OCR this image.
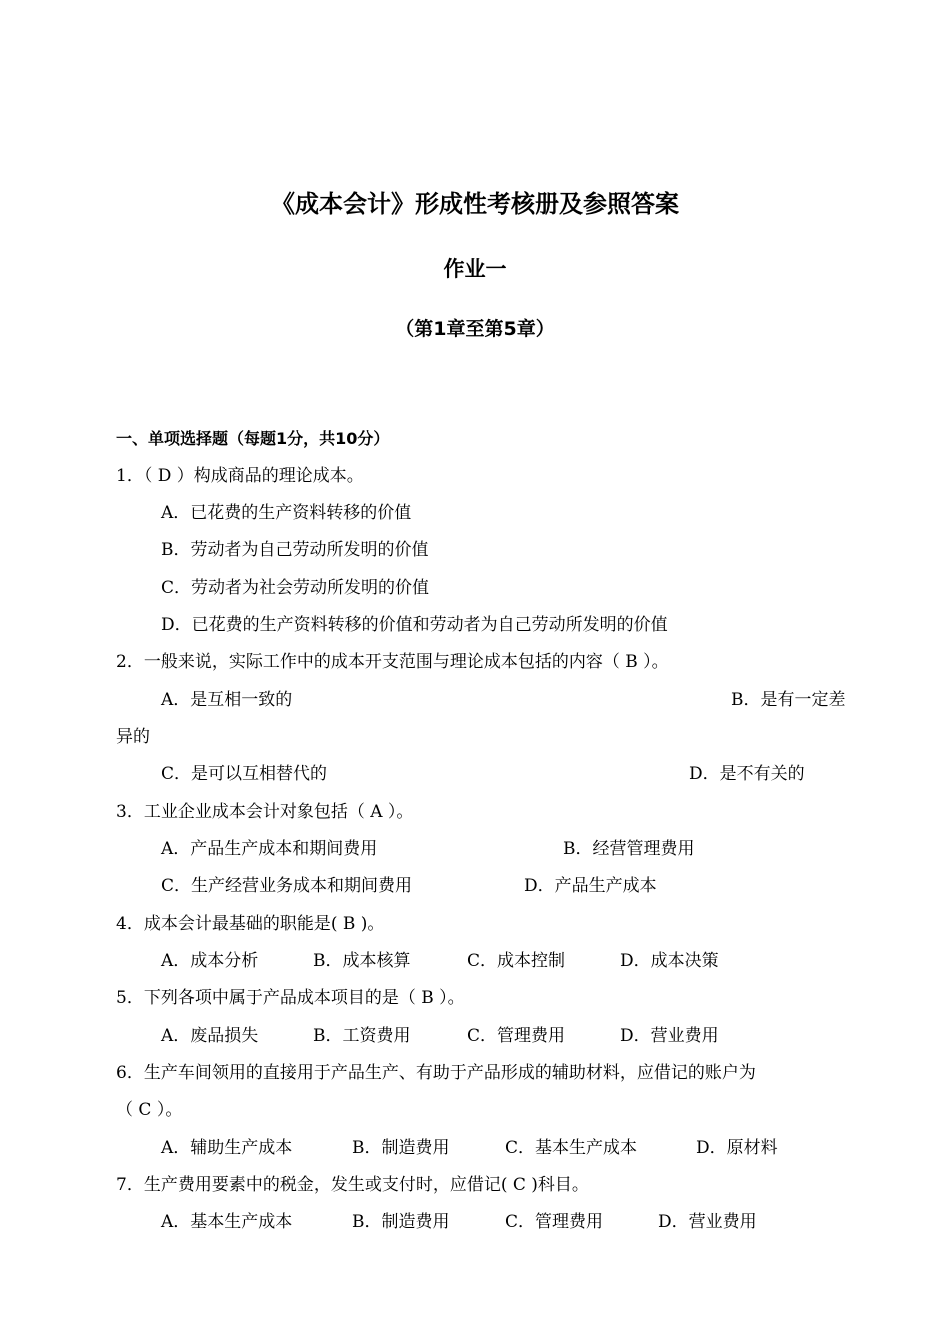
《成本会计》形成性考核册及参照答案
作业一
（第1章至第5章）
一、单项选择题（每题1分，共10分）
1．（ D ）构成商品的理论成本。
A．已花费的生产资料转移的价值
B．劳动者为自己劳动所发明的价值
C．劳动者为社会劳动所发明的价值
D．已花费的生产资料转移的价值和劳动者为自己劳动所发明的价值
2．一般来说，实际工作中的成本开支范围与理论成本包括的内容（ B ）。
A．是互相一致的	B．是有一定差
异的
C．是可以互相替代的	D．是不有关的
3．工业企业成本会计对象包括（ A ）。
A．产品生产成本和期间费用	B．经营管理费用
C．生产经营业务成本和期间费用	D．产品生产成本
4．成本会计最基础的职能是( B )。
A．成本分析	B．成本核算	C．成本控制	D．成本决策
5．下列各项中属于产品成本项目的是（ B ）。
A．废品损失	B．工资费用	C．管理费用	D．营业费用
6．生产车间领用的直接用于产品生产、有助于产品形成的辅助材料，应借记的账户为
（ C ）。
A．辅助生产成本	B．制造费用	C．基本生产成本	D．原材料
7．生产费用要素中的税金，发生或支付时，应借记( C )科目。
A．基本生产成本	B．制造费用	C．管理费用	D．营业费用
